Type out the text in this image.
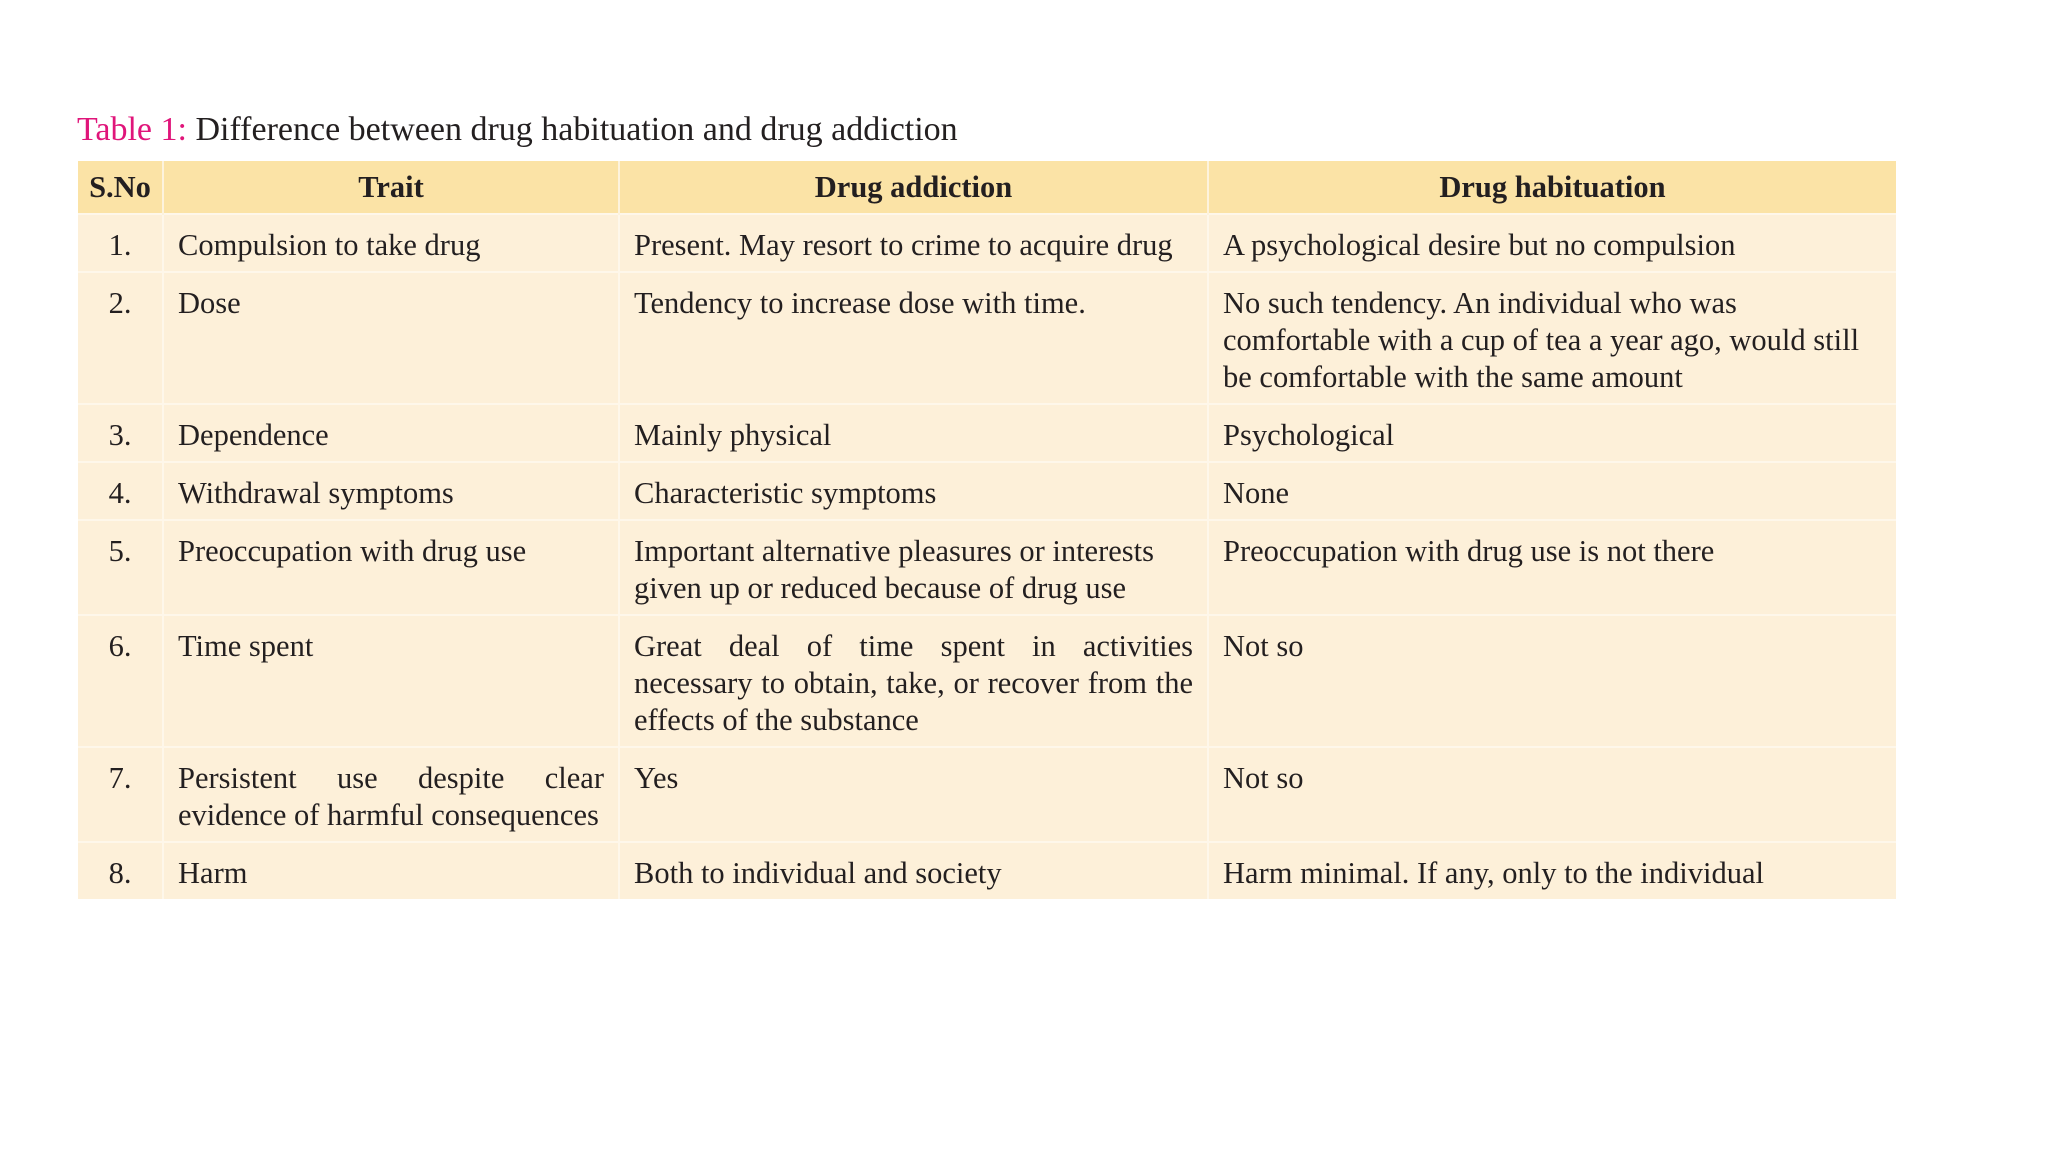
Table 1: Difference between drug habituation and drug addiction
S.No	Trait	Drug addiction	Drug habituation
1.	Compulsion to take drug	Present. May resort to crime to acquire drug	A psychological desire but no compulsion
2.	Dose	Tendency to increase dose with time.	No such tendency. An individual who was comfortable with a cup of tea a year ago, would still be comfortable with the same amount
3.	Dependence	Mainly physical	Psychological
4.	Withdrawal symptoms	Characteristic symptoms	None
5.	Preoccupation with drug use	Important alternative pleasures or interests given up or reduced because of drug use	Preoccupation with drug use is not there
6.	Time spent	Great deal of time spent in activities necessary to obtain, take, or recover from the effects of the substance	Not so
7.	Persistent use despite clear evidence of harmful consequences	Yes	Not so
8.	Harm	Both to individual and society	Harm minimal. If any, only to the individual
